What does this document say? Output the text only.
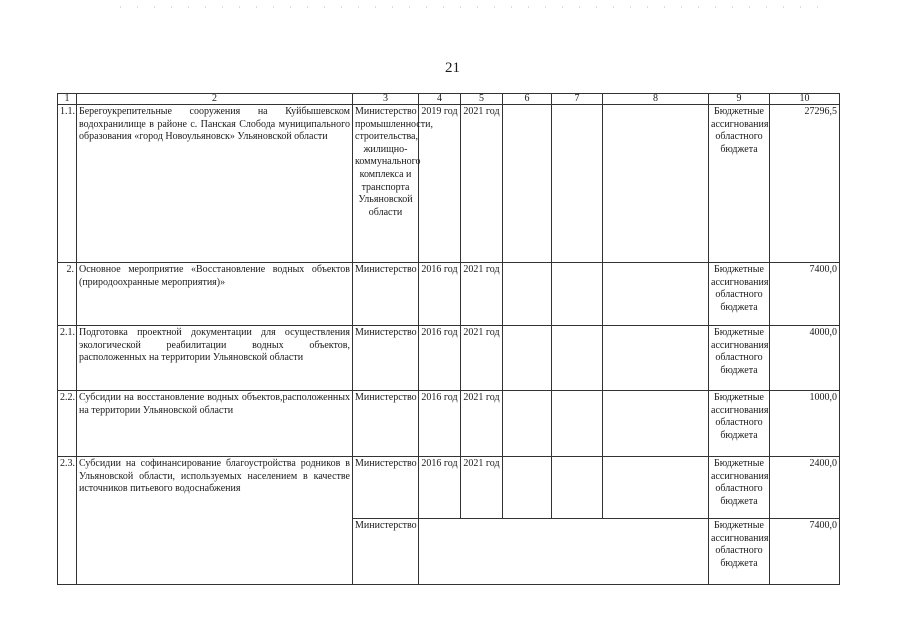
21
1	2	3	4	5	6	7	8	9	10
1.1.	Берегоукрепительные сооружения на Куйбышевском водохранилище в районе с. Панская Слобода муниципального образования «город Новоульяновск» Ульяновской области	Министерство промышленности, строительства, жилищно-коммунального комплекса и транспорта Ульяновской области	2019 год	2021 год				Бюджетные ассигнования областного бюджета	27296,5
2.	Основное мероприятие «Восстановление водных объектов (природоохранные мероприятия)»	Министерство	2016 год	2021 год				Бюджетные ассигнования областного бюджета	7400,0
2.1.	Подготовка проектной документации для осуществления экологической реабилитации водных объектов, расположенных на территории Ульяновской области	Министерство	2016 год	2021 год				Бюджетные ассигнования областного бюджета	4000,0
2.2.	Субсидии на восстановление водных объектов,расположенных на территории Ульяновской области	Министерство	2016 год	2021 год				Бюджетные ассигнования областного бюджета	1000,0
2.3.	Субсидии на софинансирование благоустройства родников в Ульяновской области, используемых населением в качестве источников питьевого водоснабжения	Министерство	2016 год	2021 год				Бюджетные ассигнования областного бюджета	2400,0
		Министерство						Бюджетные ассигнования областного бюджета	7400,0
